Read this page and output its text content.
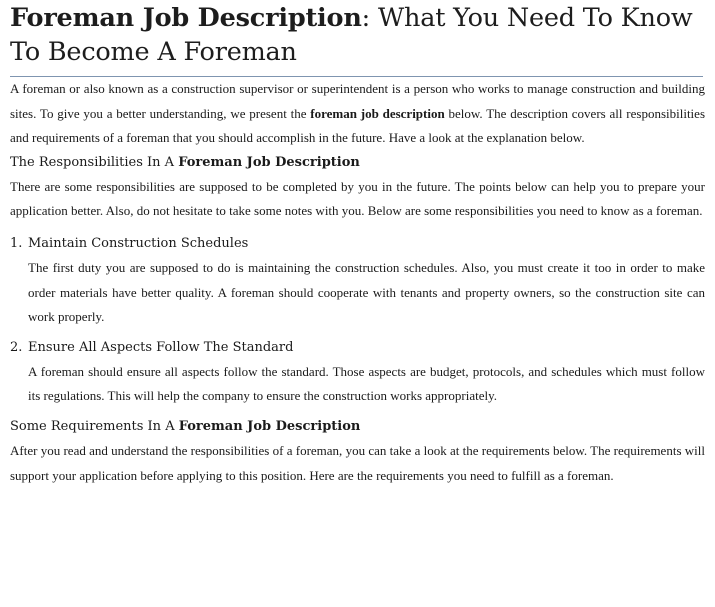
Foreman Job Description: What You Need To Know To Become A Foreman

A foreman or also known as a construction supervisor or superintendent is a person who works to manage construction and building sites. To give you a better understanding, we present the foreman job description below. The description covers all responsibilities and requirements of a foreman that you should accomplish in the future. Have a look at the explanation below.

The Responsibilities In A Foreman Job Description

There are some responsibilities are supposed to be completed by you in the future. The points below can help you to prepare your application better. Also, do not hesitate to take some notes with you. Below are some responsibilities you need to know as a foreman.

1. Maintain Construction Schedules

The first duty you are supposed to do is maintaining the construction schedules. Also, you must create it too in order to make order materials have better quality. A foreman should cooperate with tenants and property owners, so the construction site can work properly.

2. Ensure All Aspects Follow The Standard

A foreman should ensure all aspects follow the standard. Those aspects are budget, protocols, and schedules which must follow its regulations. This will help the company to ensure the construction works appropriately.

Some Requirements In A Foreman Job Description

After you read and understand the responsibilities of a foreman, you can take a look at the requirements below. The requirements will support your application before applying to this position. Here are the requirements you need to fulfill as a foreman.
